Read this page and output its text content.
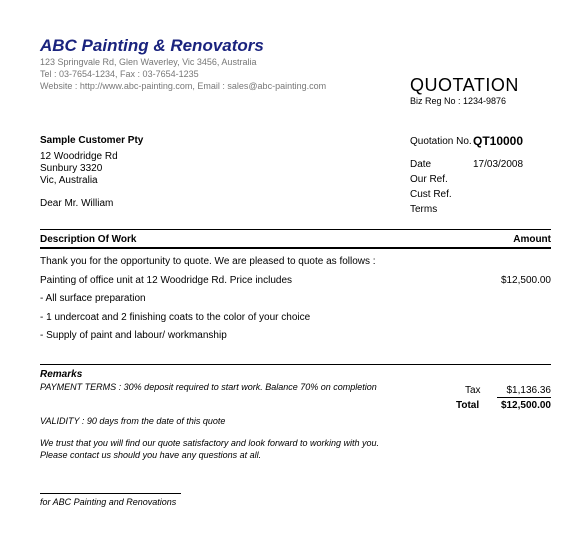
ABC Painting & Renovators
123 Springvale Rd, Glen Waverley, Vic 3456, Australia
Tel : 03-7654-1234, Fax : 03-7654-1235
Website : http://www.abc-painting.com, Email : sales@abc-painting.com	QUOTATION
Biz Reg No : 1234-9876
Sample Customer Pty
12 Woodridge Rd
Sunbury 3320
Vic, Australia
Dear Mr. William
Quotation No. QT10000
Date	17/03/2008
Our Ref.
Cust Ref.
Terms
Description Of Work	Amount
Thank you for the opportunity to quote. We are pleased to quote as follows :
Painting of office unit at 12 Woodridge Rd. Price includes	$12,500.00
- All surface preparation
- 1 undercoat and 2 finishing coats to the color of your choice
- Supply of paint and labour/ workmanship
Remarks
PAYMENT TERMS : 30% deposit required to start work. Balance 70% on completion
VALIDITY : 90 days from the date of this quote
We trust that you will find our quote satisfactory and look forward to working with you. Please contact us should you have any questions at all.
Tax	$1,136.36
Total $12,500.00
for ABC Painting and Renovations
